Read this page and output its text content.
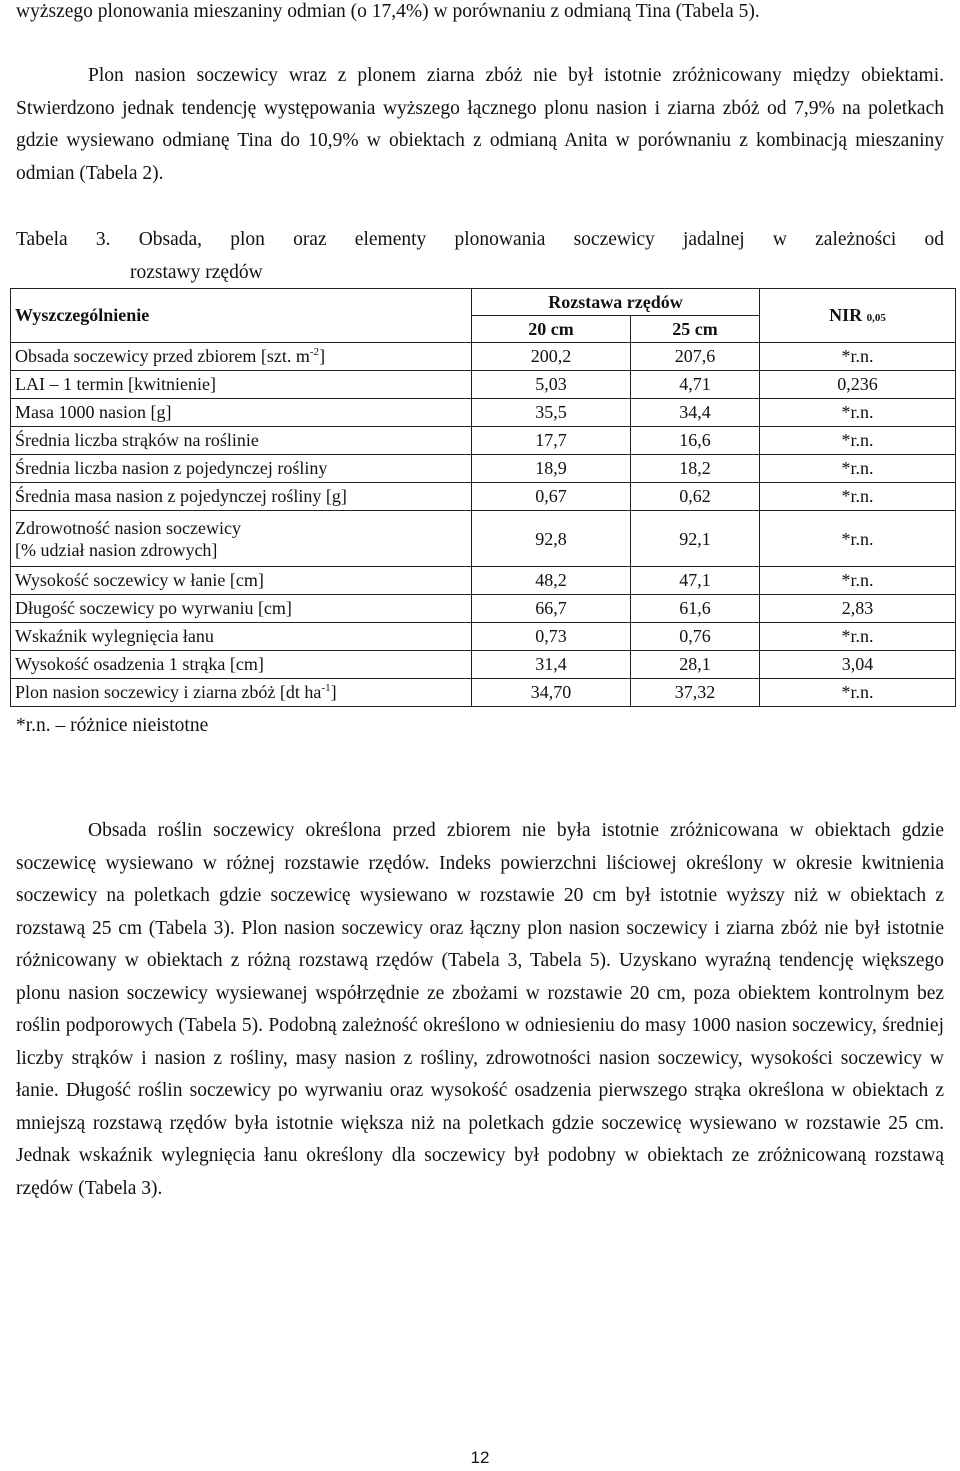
wyższego plonowania mieszaniny odmian (o 17,4%) w porównaniu z odmianą Tina (Tabela 5).

Plon nasion soczewicy wraz z plonem ziarna zbóż nie był istotnie zróżnicowany między obiektami. Stwierdzono jednak tendencję występowania wyższego łącznego plonu nasion i ziarna zbóż od 7,9% na poletkach gdzie wysiewano odmianę Tina do 10,9% w obiektach z odmianą Anita w porównaniu z kombinacją mieszaniny odmian (Tabela 2).

Tabela 3. Obsada, plon oraz elementy plonowania soczewicy jadalnej w zależności od
rozstawy rzędów
Wyszczególnienie	Rozstawa rzędów		NIR 0,05
	20 cm	25 cm	
Obsada soczewicy przed zbiorem [szt. $m^{-2}$]	200,2	207,6	*r.n.
LAI – 1 termin [kwitnienie]	5,03	4,71	0,236
Masa 1000 nasion [g]	35,5	34,4	*r.n.
Średnia liczba strąków na roślinie	17,7	16,6	*r.n.
Średnia liczba nasion z pojedynczej rośliny	18,9	18,2	*r.n.
Średnia masa nasion z pojedynczej rośliny [g]	0,67	0,62	*r.n.
Zdrowotność nasion soczewicy
[% udział nasion zdrowych]	92,8	92,1	*r.n.
Wysokość soczewicy w łanie [cm]	48,2	47,1	*r.n.
Długość soczewicy po wyrwaniu [cm]	66,7	61,6	2,83
Wskaźnik wylegnięcia łanu	0,73	0,76	*r.n.
Wysokość osadzenia 1 strąka [cm]	31,4	28,1	3,04
Plon nasion soczewicy i ziarna zbóż [dt $ha^{-1}$]	34,70	37,32	*r.n.

*r.n. – różnice nieistotne

Obsada roślin soczewicy określona przed zbiorem nie była istotnie zróżnicowana w obiektach gdzie soczewicę wysiewano w różnej rozstawie rzędów. Indeks powierzchni liściowej określony w okresie kwitnienia soczewicy na poletkach gdzie soczewicę wysiewano w rozstawie 20 cm był istotnie wyższy niż w obiektach z rozstawą 25 cm (Tabela 3). Plon nasion soczewicy oraz łączny plon nasion soczewicy i ziarna zbóż nie był istotnie różnicowany w obiektach z różną rozstawą rzędów (Tabela 3, Tabela 5). Uzyskano wyraźną tendencję większego plonu nasion soczewicy wysiewanej współrzędnie ze zbożami w rozstawie 20 cm, poza obiektem kontrolnym bez roślin podporowych (Tabela 5). Podobną zależność określono w odniesieniu do masy 1000 nasion soczewicy, średniej liczby strąków i nasion z rośliny, masy nasion z rośliny, zdrowotności nasion soczewicy, wysokości soczewicy w łanie. Długość roślin soczewicy po wyrwaniu oraz wysokość osadzenia pierwszego strąka określona w obiektach z mniejszą rozstawą rzędów była istotnie większa niż na poletkach gdzie soczewicę wysiewano w rozstawie 25 cm. Jednak wskaźnik wylegnięcia łanu określony dla soczewicy był podobny w obiektach ze zróżnicowaną rozstawą rzędów (Tabela 3).

12
